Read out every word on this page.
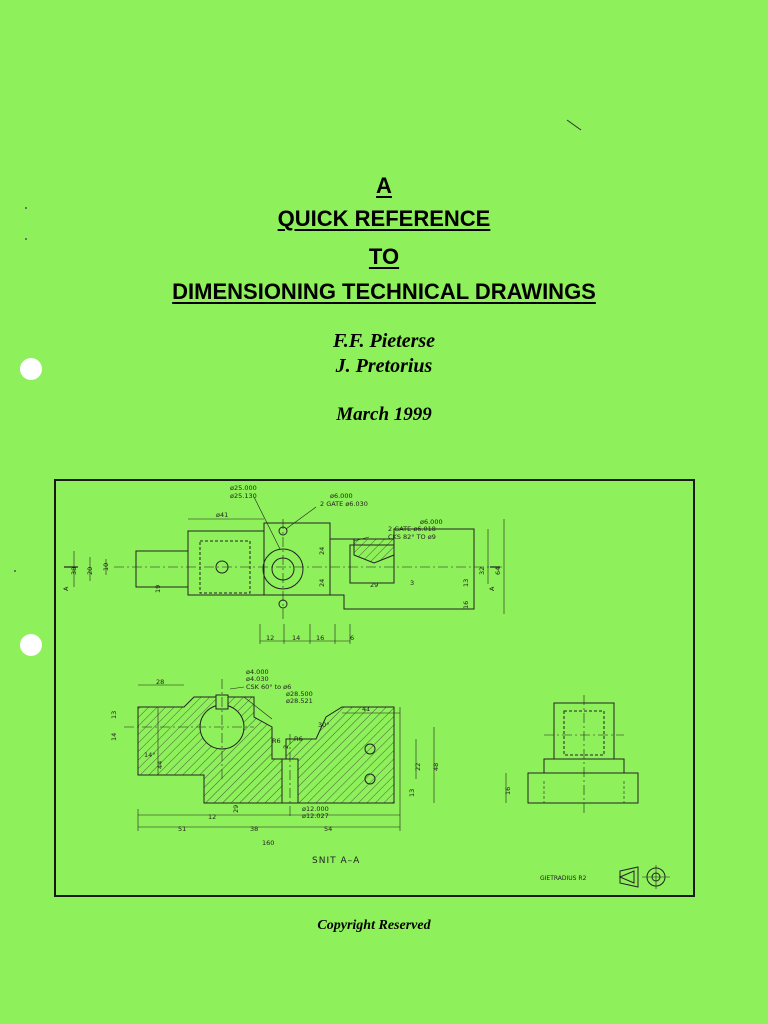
A
QUICK REFERENCE
TO
DIMENSIONING TECHNICAL DRAWINGS
F.F. Pieterse
J. Pretorius
March 1999
ø25.000
ø25.130	ø6.000
2 GATE ø6.030
ø41
ø6.000
2 GATE ø6.018
CKS 82° TO ø9
38 20 10
19
24
24	29	3	13
32 64
16
12	14 16	6
A	A
ø4.000
ø4.030
CSK 60° to ø6
ø28.500
ø28.521
28
41
13
14
14°
44
R6 R6
30°
2
22 48
13
12
29	ø12.000
ø12.027
51	38	54
160
16
SNIT A–A
GIETRADIUS R2
Copyright Reserved
